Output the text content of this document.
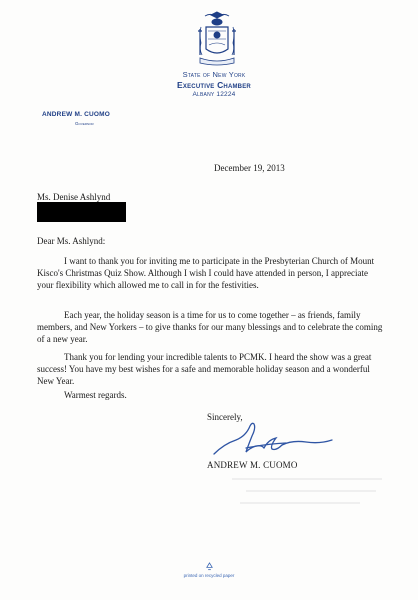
State of New York
Executive Chamber
Albany 12224
ANDREW M. CUOMO
Governor
December 19, 2013
Ms. Denise Ashlynd
Dear Ms. Ashlynd:

I want to thank you for inviting me to participate in the Presbyterian Church of Mount Kisco's Christmas Quiz Show. Although I wish I could have attended in person, I appreciate your flexibility which allowed me to call in for the festivities.

Each year, the holiday season is a time for us to come together – as friends, family members, and New Yorkers – to give thanks for our many blessings and to celebrate the coming of a new year.

Thank you for lending your incredible talents to PCMK. I heard the show was a great success! You have my best wishes for a safe and memorable holiday season and a wonderful New Year.

Warmest regards.
Sincerely,
ANDREW M. CUOMO
printed on recycled paper
